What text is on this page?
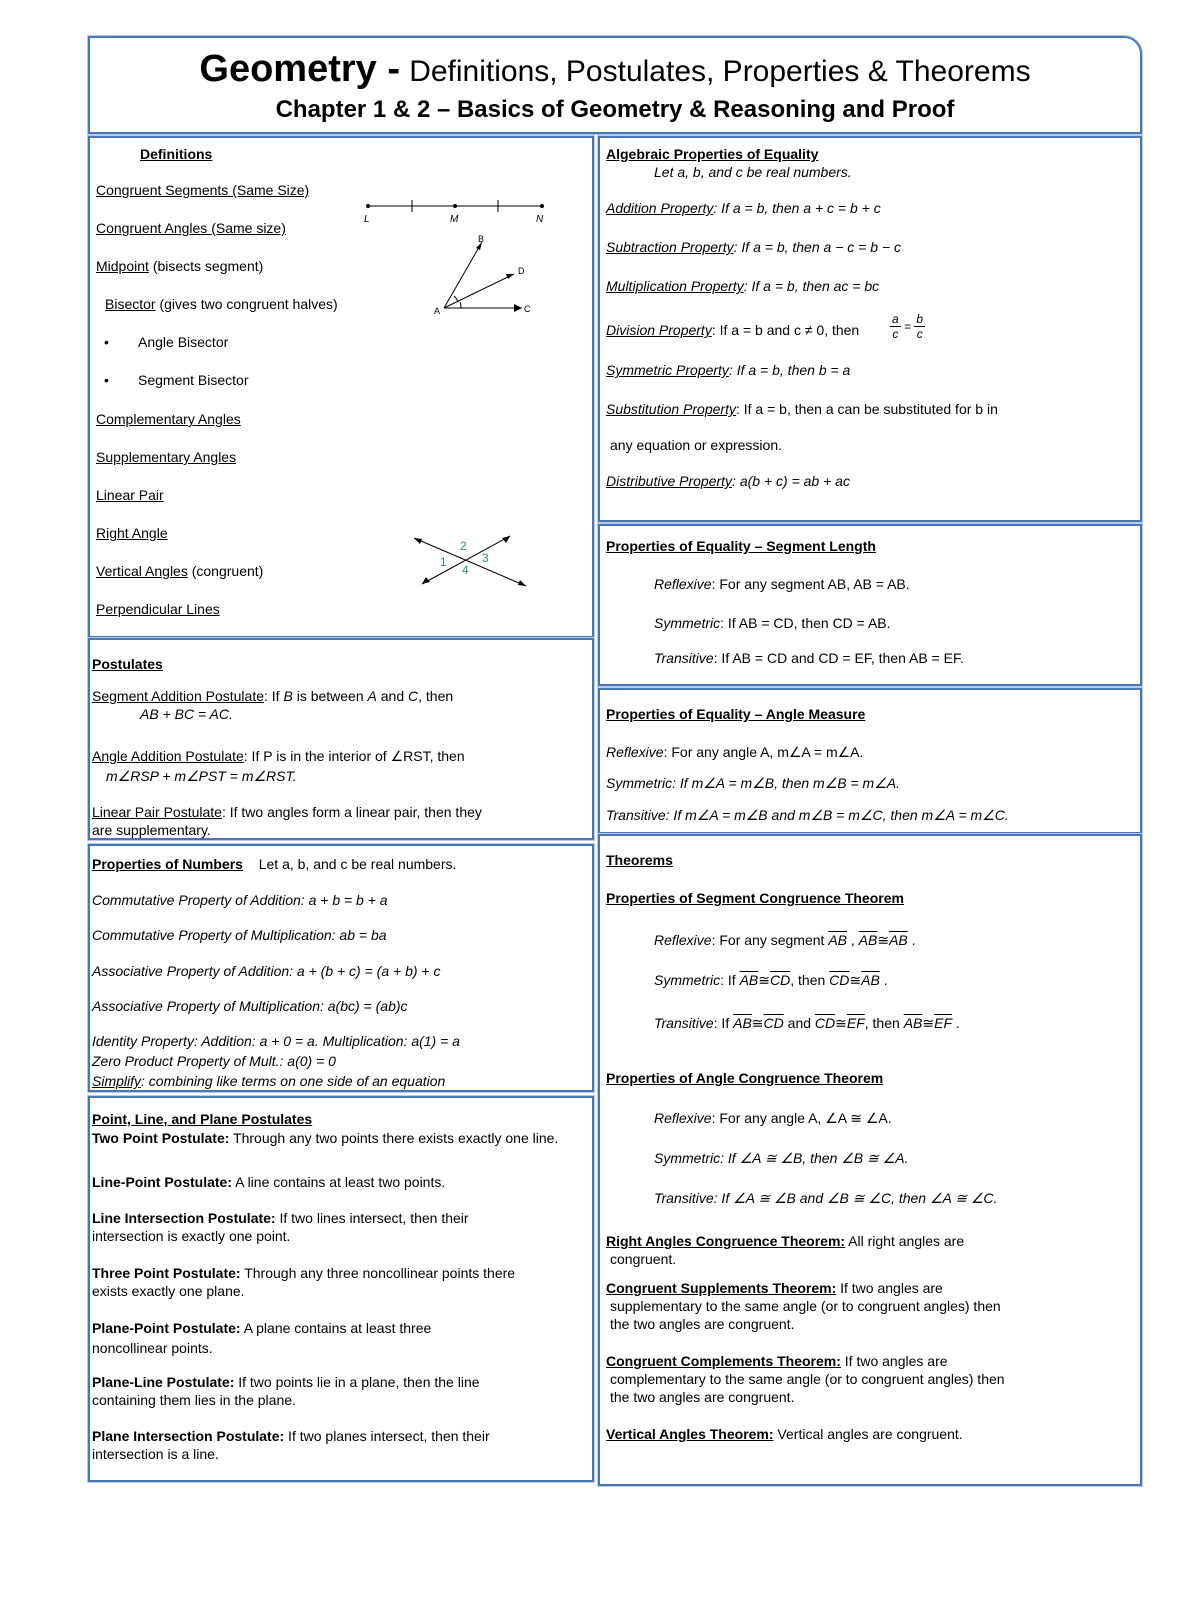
Geometry - Definitions, Postulates, Properties & Theorems
Chapter 1 & 2 – Basics of Geometry & Reasoning and Proof
Definitions
Congruent Segments (Same Size)
Congruent Angles (Same size)
Midpoint (bisects segment)
Bisector (gives two congruent halves)
• Angle Bisector
• Segment Bisector
Complementary Angles
Supplementary Angles
Linear Pair
Right Angle
Vertical Angles (congruent)
Perpendicular Lines
L	M	N
B
D
A	C
1
2
3
4
Postulates
Segment Addition Postulate: If B is between A and C, then
AB + BC = AC.
Angle Addition Postulate: If P is in the interior of ∠RST, then
m∠RSP + m∠PST = m∠RST.
Linear Pair Postulate: If two angles form a linear pair, then they
are supplementary.
Properties of Numbers Let a, b, and c be real numbers.
Commutative Property of Addition: a + b = b + a
Commutative Property of Multiplication: ab = ba
Associative Property of Addition: a + (b + c) = (a + b) + c
Associative Property of Multiplication: a(bc) = (ab)c
Identity Property: Addition: a + 0 = a. Multiplication: a(1) = a
Zero Product Property of Mult.: a(0) = 0
Simplify: combining like terms on one side of an equation
Point, Line, and Plane Postulates
Two Point Postulate: Through any two points there exists exactly one line.
Line-Point Postulate: A line contains at least two points.
Line Intersection Postulate: If two lines intersect, then their intersection is exactly one point.
Three Point Postulate: Through any three noncollinear points there exists exactly one plane.
Plane-Point Postulate: A plane contains at least three noncollinear points.
Plane-Line Postulate: If two points lie in a plane, then the line containing them lies in the plane.
Plane Intersection Postulate: If two planes intersect, then their intersection is a line.
Algebraic Properties of Equality
Let a, b, and c be real numbers.
Addition Property: If a = b, then a + c = b + c
Subtraction Property: If a = b, then a − c = b − c
Multiplication Property: If a = b, then ac = bc
Division Property: If a = b and c ≠ 0, then	$\frac{a}{c} = \frac{b}{c}$
Symmetric Property: If a = b, then b = a
Substitution Property: If a = b, then a can be substituted for b in
any equation or expression.
Distributive Property: a(b + c) = ab + ac
Properties of Equality – Segment Length
Reflexive: For any segment AB, AB = AB.
Symmetric: If AB = CD, then CD = AB.
Transitive: If AB = CD and CD = EF, then AB = EF.
Properties of Equality – Angle Measure
Reflexive: For any angle A, m∠A = m∠A.
Symmetric: If m∠A = m∠B, then m∠B = m∠A.
Transitive: If m∠A = m∠B and m∠B = m∠C, then m∠A = m∠C.
Theorems
Properties of Segment Congruence Theorem
Reflexive: For any segment $\overline{AB}$ , $\overline{AB}≅\overline{AB}$ .
Symmetric: If $\overline{AB}≅\overline{CD}$, then $\overline{CD}≅\overline{AB}$ .
Transitive: If $\overline{AB}≅\overline{CD}$ and $\overline{CD}≅\overline{EF}$, then $\overline{AB}≅\overline{EF}$ .
Properties of Angle Congruence Theorem
Reflexive: For any angle A, ∠A ≅ ∠A.
Symmetric: If ∠A ≅ ∠B, then ∠B ≅ ∠A.
Transitive: If ∠A ≅ ∠B and ∠B ≅ ∠C, then ∠A ≅ ∠C.
Right Angles Congruence Theorem: All right angles are
congruent.
Congruent Supplements Theorem: If two angles are
supplementary to the same angle (or to congruent angles) then
the two angles are congruent.
Congruent Complements Theorem: If two angles are
complementary to the same angle (or to congruent angles) then
the two angles are congruent.
Vertical Angles Theorem: Vertical angles are congruent.
